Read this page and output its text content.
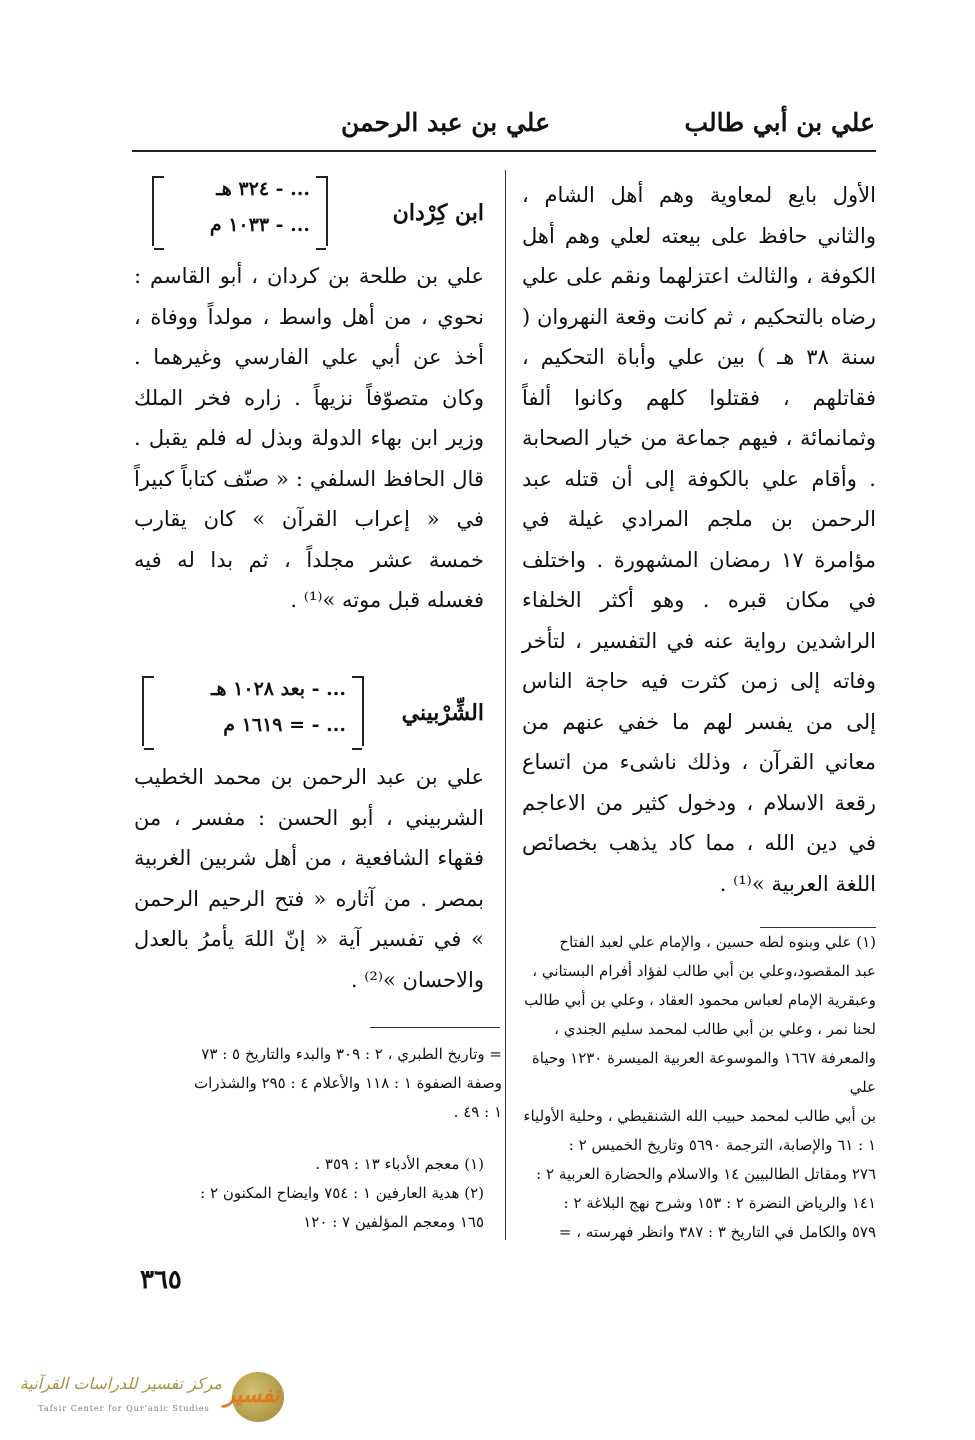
علي بن أبي طالب
علي بن عبد الرحمن

الأول بايع لمعاوية وهم أهل الشام ، والثاني حافظ على بيعته لعلي وهم أهل الكوفة ، والثالث اعتزلهما ونقم على علي رضاه بالتحكيم ، ثم كانت وقعة النهروان ( سنة ٣٨ هـ ) بين علي وأباة التحكيم ، فقاتلهم ، فقتلوا كلهم وكانوا ألفاً وثمانمائة ، فيهم جماعة من خيار الصحابة . وأقام علي بالكوفة إلى أن قتله عبد الرحمن بن ملجم المرادي غيلة في مؤامرة ١٧ رمضان المشهورة . واختلف في مكان قبره . وهو أكثر الخلفاء الراشدين رواية عنه في التفسير ، لتأخر وفاته إلى زمن كثرت فيه حاجة الناس إلى من يفسر لهم ما خفي عنهم من معاني القرآن ، وذلك ناشىء من اتساع رقعة الاسلام ، ودخول كثير من الاعاجم في دين الله ، مما كاد يذهب بخصائص اللغة العربية »⁽¹⁾ .

ابن كِرْدان
... - ٣٢٤ هـ
... - ١٠٣٣ م

علي بن طلحة بن كردان ، أبو القاسم : نحوي ، من أهل واسط ، مولداً ووفاة ، أخذ عن أبي علي الفارسي وغيرهما . وكان متصوّفاً نزيهاً . زاره فخر الملك وزير ابن بهاء الدولة وبذل له فلم يقبل . قال الحافظ السلفي : « صنّف كتاباً كبيراً في « إعراب القرآن » كان يقارب خمسة عشر مجلداً ، ثم بدا له فيه فغسله قبل موته »⁽¹⁾ .

الشِّرْبيني
... - بعد ١٠٢٨ هـ
... - = ١٦١٩ م

علي بن عبد الرحمن بن محمد الخطيب الشربيني ، أبو الحسن : مفسر ، من فقهاء الشافعية ، من أهل شربين الغربية بمصر . من آثاره « فتح الرحيم الرحمن » في تفسير آية « إنّ اللهَ يأمرُ بالعدل والاحسان »⁽²⁾ .

(١) علي وبنوه لطه حسين ، والإمام علي لعبد الفتاح

عبد المقصود،وعلي بن أبي طالب لفؤاد أفرام البستاني ،

وعبقرية الإمام لعباس محمود العقاد ، وعلي بن أبي طالب

لحنا نمر ، وعلي بن أبي طالب لمحمد سليم الجندي ،

والمعرفة ١٦٦٧ والموسوعة العربية الميسرة ١٢٣٠ وحياة علي

بن أبي طالب لمحمد حبيب الله الشنقيطي ، وحلية الأولياء

١ : ٦١ والإصابة، الترجمة ٥٦٩٠ وتاريخ الخميس ٢ :

٢٧٦ ومقاتل الطالبيين ١٤ والاسلام والحضارة العربية ٢ :

١٤١ والرياض النضرة ٢ : ١٥٣ وشرح نهج البلاغة ٢ :

٥٧٩ والكامل في التاريخ ٣ : ٣٨٧ وانظر فهرسته ، =

= وتاريخ الطبري ، ٢ : ٣٠٩ والبدء والتاريخ ٥ : ٧٣

وصفة الصفوة ١ : ١١٨ والأعلام ٤ : ٢٩٥ والشذرات

١ : ٤٩ .

(١) معجم الأدباء ١٣ : ٣٥٩ .

(٢) هدية العارفين ١ : ٧٥٤ وايضاح المكنون ٢ :

١٦٥ ومعجم المؤلفين ٧ : ١٢٠

٣٦٥
تفسير
مركز تفسير للدراسات القرآنية
Tafsir Center for Qur'anic Studies
